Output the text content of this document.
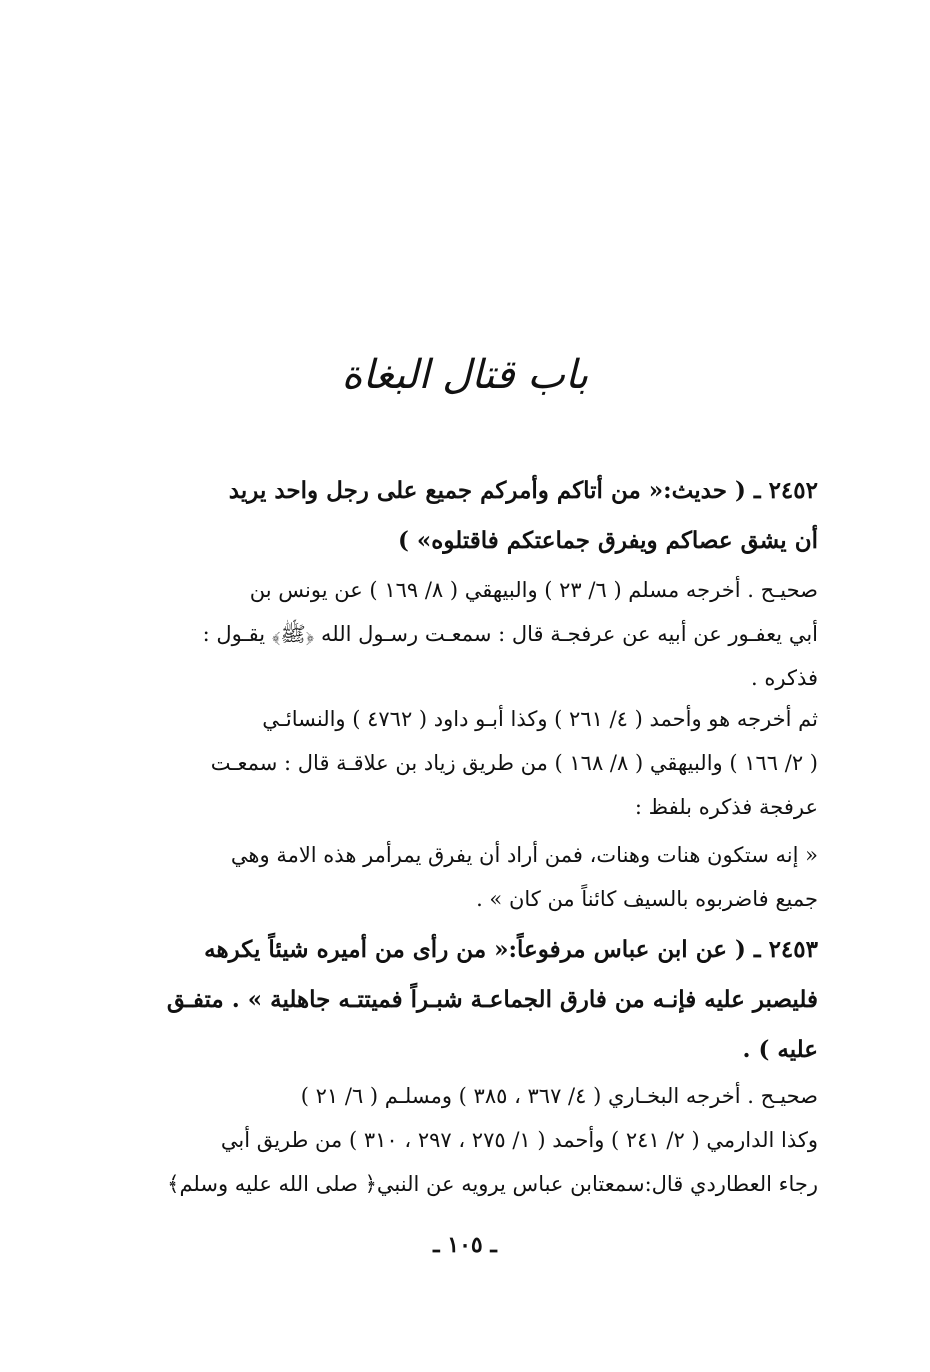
باب قتال البغاة
٢٤٥٢ ـ ( حديث:« من أتاكم وأمركم جميع على رجل واحد يريد
أن يشق عصاكم ويفرق جماعتكم فاقتلوه» )
صحيـح . أخرجه مسلم ( ٦/ ٢٣ ) والبيهقي ( ٨/ ١٦٩ ) عن يونس بن
أبي يعفـور عن أبيه عن عرفجـة قال : سمعـت رسـول الله ﴿ﷺ﴾ يقـول :
فذكره .
ثم أخرجه هو وأحمد ( ٤/ ٢٦١ ) وكذا أبـو داود ( ٤٧٦٢ ) والنسائـي
( ٢/ ١٦٦ ) والبيهقي ( ٨/ ١٦٨ ) من طريق زياد بن علاقـة قال : سمعـت
عرفجة فذكره بلفظ :
« إنه ستكون هنات وهنات، فمن أراد أن يفرق يمرأمر هذه الامة وهي
جميع فاضربوه بالسيف كائناً من كان » .
٢٤٥٣ ـ ( عن ابن عباس مرفوعاً:« من رأى من أميره شيئاً يكرهه
فليصبر عليه فإنـه من فارق الجماعـة شبـراً فميتتـه جاهلية » . متفـق
عليه ) .
صحيـح . أخرجه البخـاري ( ٤/ ٣٦٧ ، ٣٨٥ ) ومسلـم ( ٦/ ٢١ )
وكذا الدارمي ( ٢/ ٢٤١ ) وأحمد ( ١/ ٢٧٥ ، ٢٩٧ ، ٣١٠ ) من طريق أبي
رجاء العطاردي قال:سمعتابن عباس يرويه عن النبي﴿ صلى الله عليه وسلم﴾
ـ ١٠٥ ـ
